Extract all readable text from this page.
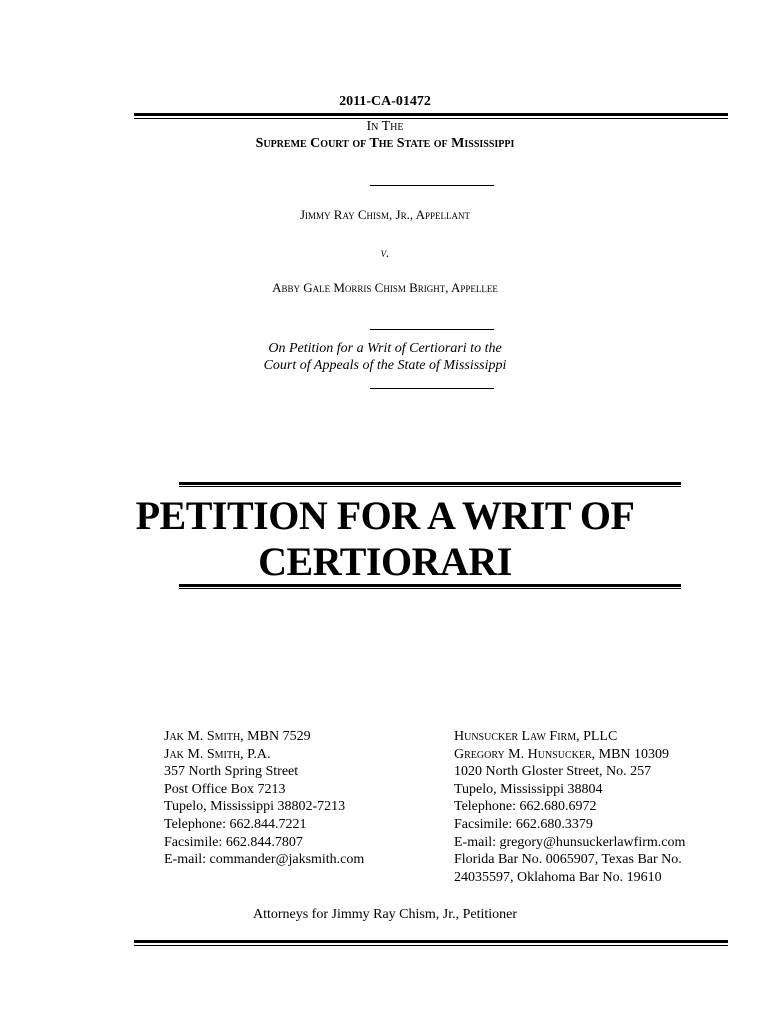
2011-CA-01472
In The
Supreme Court of The State of Mississippi
Jimmy Ray Chism, Jr., Appellant
v.
Abby Gale Morris Chism Bright, Appellee
On Petition for a Writ of Certiorari to the
Court of Appeals of the State of Mississippi
PETITION FOR A WRIT OF
CERTIORARI
Jak M. Smith, MBN 7529
Jak M. Smith, P.A.
357 North Spring Street
Post Office Box 7213
Tupelo, Mississippi 38802-7213
Telephone: 662.844.7221
Facsimile: 662.844.7807
E-mail: commander@jaksmith.com
Hunsucker Law Firm, PLLC
Gregory M. Hunsucker, MBN 10309
1020 North Gloster Street, No. 257
Tupelo, Mississippi 38804
Telephone: 662.680.6972
Facsimile: 662.680.3379
E-mail: gregory@hunsuckerlawfirm.com
Florida Bar No. 0065907, Texas Bar No.
24035597, Oklahoma Bar No. 19610
Attorneys for Jimmy Ray Chism, Jr., Petitioner
